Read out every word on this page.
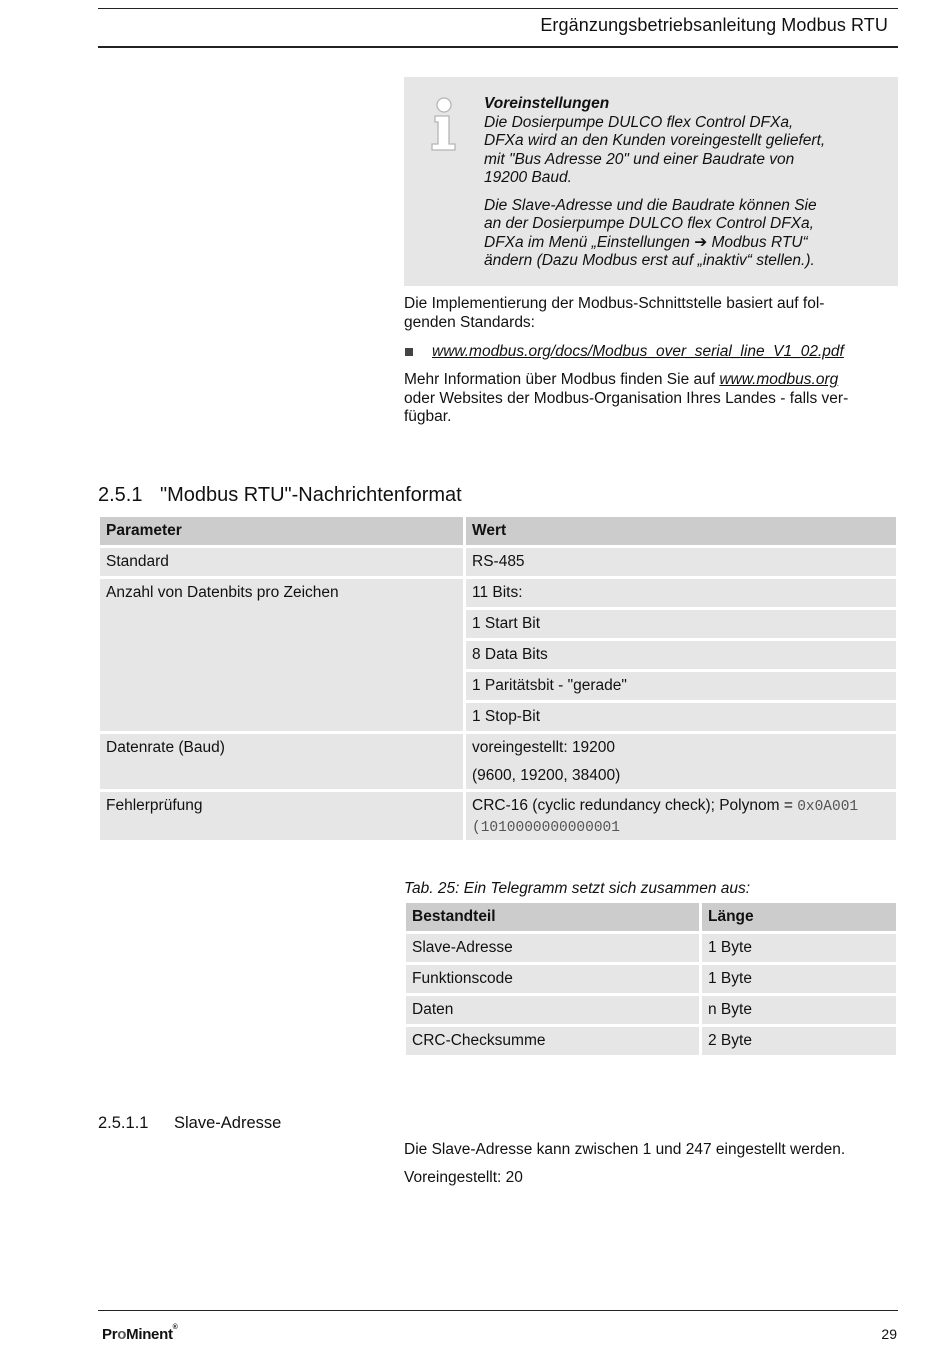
Ergänzungsbetriebsanleitung Modbus RTU
Voreinstellungen

Die Dosierpumpe DULCO flex Control DFXa,
DFXa wird an den Kunden voreingestellt geliefert,
mit "Bus Adresse 20" und einer Baudrate von
19200 Baud.

Die Slave-Adresse und die Baudrate können Sie
an der Dosierpumpe DULCO flex Control DFXa,
DFXa im Menü „Einstellungen ➔ Modbus RTU“
ändern (Dazu Modbus erst auf „inaktiv“ stellen.).

Die Implementierung der Modbus-Schnittstelle basiert auf fol-
genden Standards:
www.modbus.org/docs/Modbus_over_serial_line_V1_02.pdf
Mehr Information über Modbus finden Sie auf www.modbus.org
oder Websites der Modbus-Organisation Ihres Landes - falls ver-
fügbar.
2.5.1 "Modbus RTU"-Nachrichtenformat
Parameter	Wert
Standard	RS-485
Anzahl von Datenbits pro Zeichen	11 Bits:
1 Start Bit
8 Data Bits
1 Paritätsbit - "gerade"
1 Stop-Bit
Datenrate (Baud)	voreingestellt: 19200
(9600, 19200, 38400)
Fehlerprüfung	CRC-16 (cyclic redundancy check); Polynom = 0x0A001
(1010000000000001
Tab. 25: Ein Telegramm setzt sich zusammen aus:
Bestandteil	Länge
Slave-Adresse	1 Byte
Funktionscode	1 Byte
Daten	n Byte
CRC-Checksumme	2 Byte
2.5.1.1 Slave-Adresse
Die Slave-Adresse kann zwischen 1 und 247 eingestellt werden.
Voreingestellt: 20
ProMinent®	29
